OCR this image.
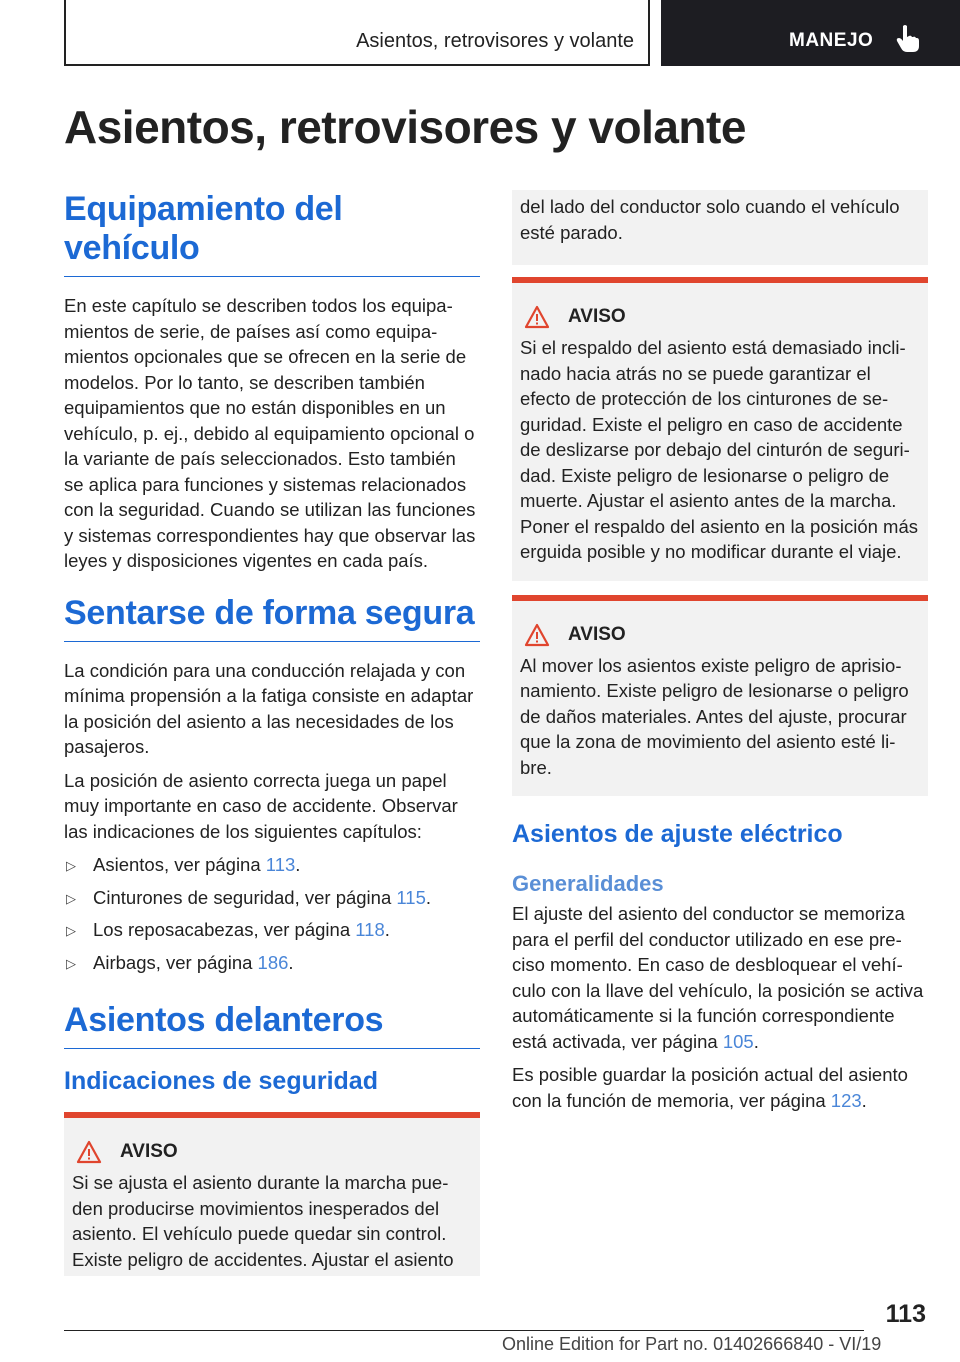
Asientos, retrovisores y volante	MANEJO
Asientos, retrovisores y volante
Equipamiento del vehículo

En este capítulo se describen todos los equipamientos de serie, de países así como equipamientos opcionales que se ofrecen en la serie de modelos. Por lo tanto, se describen también equipamientos que no están disponibles en un vehículo, p. ej., debido al equipamiento opcional o la variante de país seleccionados. Esto también se aplica para funciones y sistemas relacionados con la seguridad. Cuando se utilizan las funciones y sistemas correspondientes hay que observar las leyes y disposiciones vigentes en cada país.

Sentarse de forma segura

La condición para una conducción relajada y con mínima propensión a la fatiga consiste en adaptar la posición del asiento a las necesidades de los pasajeros.

La posición de asiento correcta juega un papel muy importante en caso de accidente. Observar las indicaciones de los siguientes capítulos:

▷ Asientos, ver página 113.
▷ Cinturones de seguridad, ver página 115.
▷ Los reposacabezas, ver página 118.
▷ Airbags, ver página 186.
Asientos delanteros
Indicaciones de seguridad
AVISO

Si se ajusta el asiento durante la marcha pueden producirse movimientos inesperados del asiento. El vehículo puede quedar sin control. Existe peligro de accidentes. Ajustar el asiento

del lado del conductor solo cuando el vehículo esté parado.

AVISO

Si el respaldo del asiento está demasiado inclinado hacia atrás no se puede garantizar el efecto de protección de los cinturones de seguridad. Existe el peligro en caso de accidente de deslizarse por debajo del cinturón de seguridad. Existe peligro de lesionarse o peligro de muerte. Ajustar el asiento antes de la marcha. Poner el respaldo del asiento en la posición más erguida posible y no modificar durante el viaje.

AVISO

Al mover los asientos existe peligro de aprisionamiento. Existe peligro de lesionarse o peligro de daños materiales. Antes del ajuste, procurar que la zona de movimiento del asiento esté libre.

Asientos de ajuste eléctrico
Generalidades

El ajuste del asiento del conductor se memoriza para el perfil del conductor utilizado en ese preciso momento. En caso de desbloquear el vehículo con la llave del vehículo, la posición se activa automáticamente si la función correspondiente está activada, ver página 105.

Es posible guardar la posición actual del asiento con la función de memoria, ver página 123.

113
Online Edition for Part no. 01402666840 - VI/19
